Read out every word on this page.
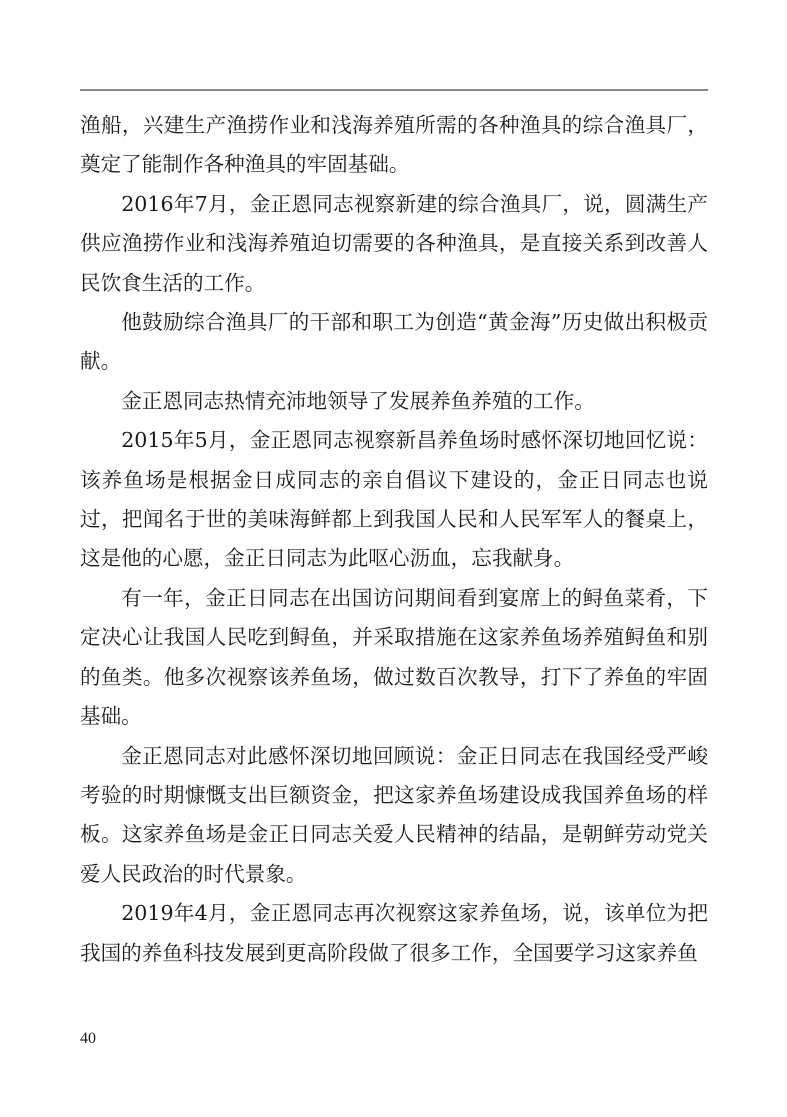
渔船，兴建生产渔捞作业和浅海养殖所需的各种渔具的综合渔具厂，奠定了能制作各种渔具的牢固基础。

2016年7月，金正恩同志视察新建的综合渔具厂，说，圆满生产供应渔捞作业和浅海养殖迫切需要的各种渔具，是直接关系到改善人民饮食生活的工作。

他鼓励综合渔具厂的干部和职工为创造“黄金海”历史做出积极贡献。

金正恩同志热情充沛地领导了发展养鱼养殖的工作。

2015年5月，金正恩同志视察新昌养鱼场时感怀深切地回忆说：该养鱼场是根据金日成同志的亲自倡议下建设的，金正日同志也说过，把闻名于世的美味海鲜都上到我国人民和人民军军人的餐桌上，这是他的心愿，金正日同志为此呕心沥血，忘我献身。

有一年，金正日同志在出国访问期间看到宴席上的鲟鱼菜肴，下定决心让我国人民吃到鲟鱼，并采取措施在这家养鱼场养殖鲟鱼和别的鱼类。他多次视察该养鱼场，做过数百次教导，打下了养鱼的牢固基础。

金正恩同志对此感怀深切地回顾说：金正日同志在我国经受严峻考验的时期慷慨支出巨额资金，把这家养鱼场建设成我国养鱼场的样板。这家养鱼场是金正日同志关爱人民精神的结晶，是朝鲜劳动党关爱人民政治的时代景象。

2019年4月，金正恩同志再次视察这家养鱼场，说，该单位为把我国的养鱼科技发展到更高阶段做了很多工作，全国要学习这家养鱼

40
